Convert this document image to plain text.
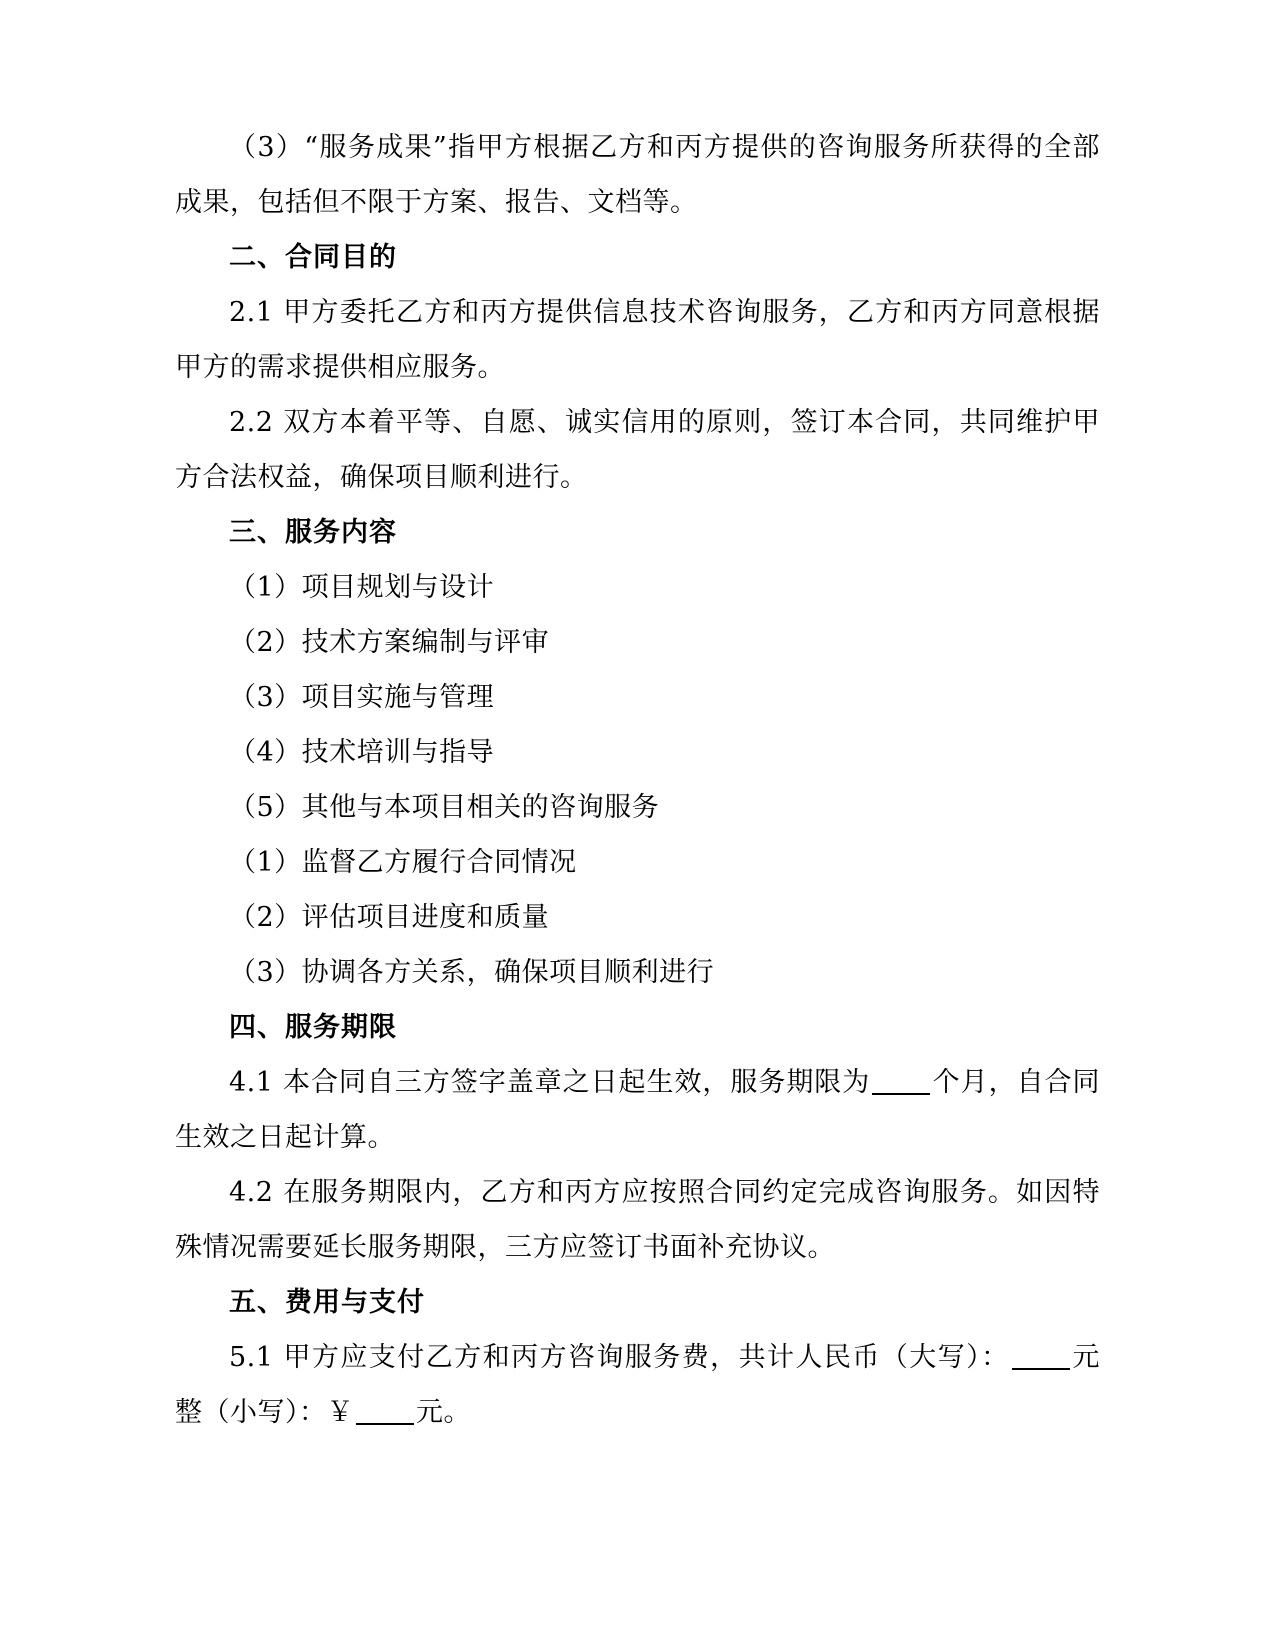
（3）“服务成果”指甲方根据乙方和丙方提供的咨询服务所获得的全部成果，包括但不限于方案、报告、文档等。

二、合同目的

2.1 甲方委托乙方和丙方提供信息技术咨询服务，乙方和丙方同意根据甲方的需求提供相应服务。

2.2 双方本着平等、自愿、诚实信用的原则，签订本合同，共同维护甲方合法权益，确保项目顺利进行。

三、服务内容

（1）项目规划与设计

（2）技术方案编制与评审

（3）项目实施与管理

（4）技术培训与指导

（5）其他与本项目相关的咨询服务

（1）监督乙方履行合同情况

（2）评估项目进度和质量

（3）协调各方关系，确保项目顺利进行

四、服务期限

4.1 本合同自三方签字盖章之日起生效，服务期限为 个月，自合同生效之日起计算。

4.2 在服务期限内，乙方和丙方应按照合同约定完成咨询服务。如因特殊情况需要延长服务期限，三方应签订书面补充协议。

五、费用与支付

5.1 甲方应支付乙方和丙方咨询服务费，共计人民币（大写）： 元整（小写）：￥ 元。
